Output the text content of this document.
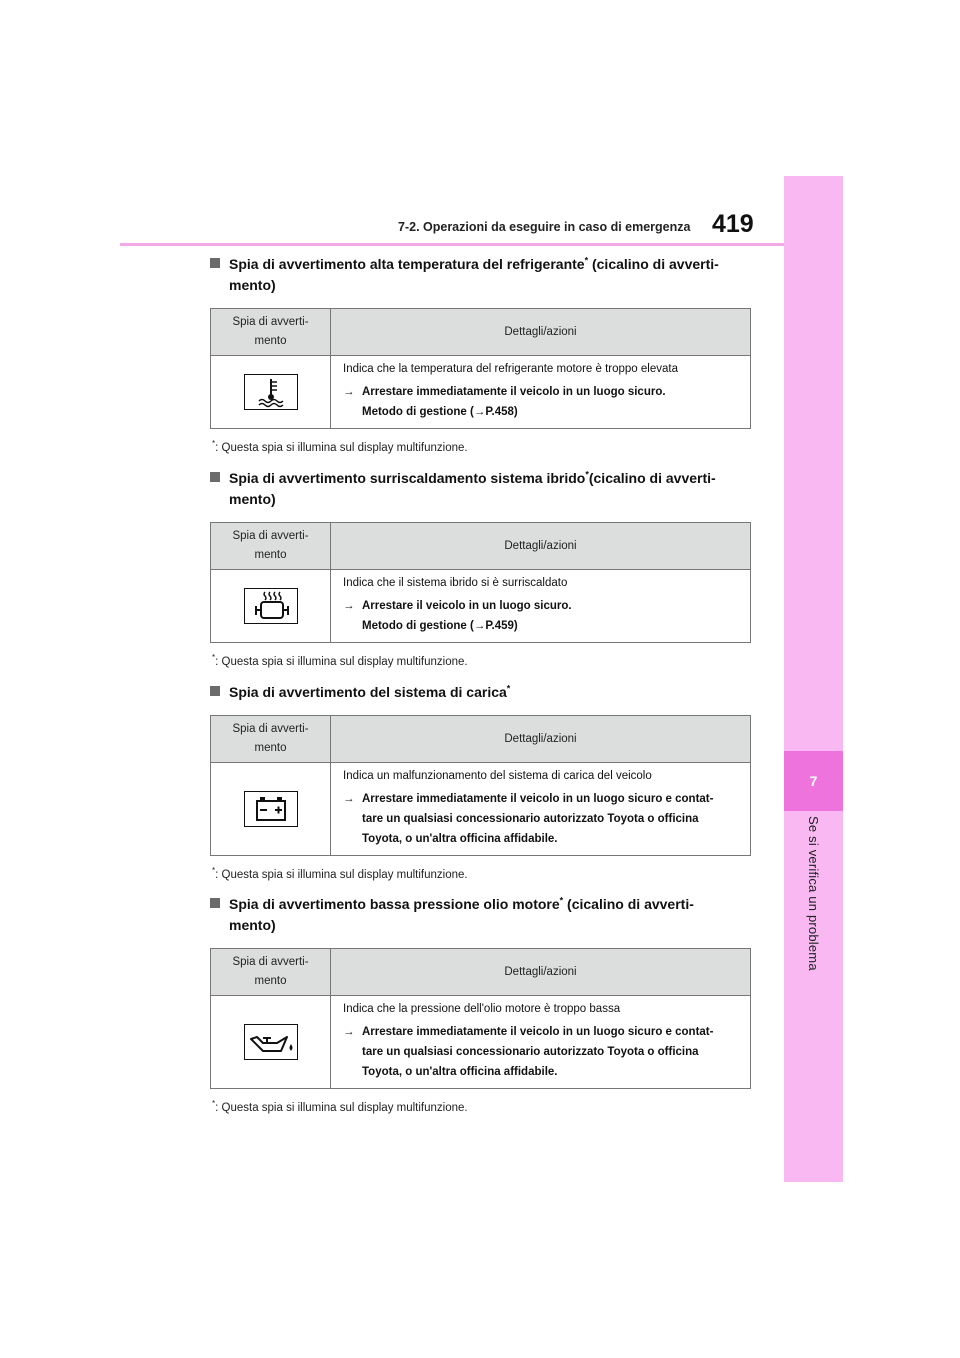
7
Se si verifica un problema
7-2. Operazioni da eseguire in caso di emergenza 419
Spia di avvertimento alta temperatura del refrigerante* (cicalino di avverti-
mento)
Spia di avverti-
mento	Dettagli/azioni

Indica che la temperatura del refrigerante motore è troppo elevata

→ Arrestare immediatamente il veicolo in un luogo sicuro.
Metodo di gestione (→P.458)
*: Questa spia si illumina sul display multifunzione.
Spia di avvertimento surriscaldamento sistema ibrido*(cicalino di avverti-
mento)
Spia di avverti-
mento	Dettagli/azioni

Indica che il sistema ibrido si è surriscaldato

→ Arrestare il veicolo in un luogo sicuro.
Metodo di gestione (→P.459)
*: Questa spia si illumina sul display multifunzione.
Spia di avvertimento del sistema di carica*
Spia di avverti-
mento	Dettagli/azioni

Indica un malfunzionamento del sistema di carica del veicolo

→ Arrestare immediatamente il veicolo in un luogo sicuro e contat-
tare un qualsiasi concessionario autorizzato Toyota o officina
Toyota, o un'altra officina affidabile.
*: Questa spia si illumina sul display multifunzione.
Spia di avvertimento bassa pressione olio motore* (cicalino di avverti-
mento)
Spia di avverti-
mento	Dettagli/azioni

Indica che la pressione dell'olio motore è troppo bassa

→ Arrestare immediatamente il veicolo in un luogo sicuro e contat-
tare un qualsiasi concessionario autorizzato Toyota o officina
Toyota, o un'altra officina affidabile.
*: Questa spia si illumina sul display multifunzione.
